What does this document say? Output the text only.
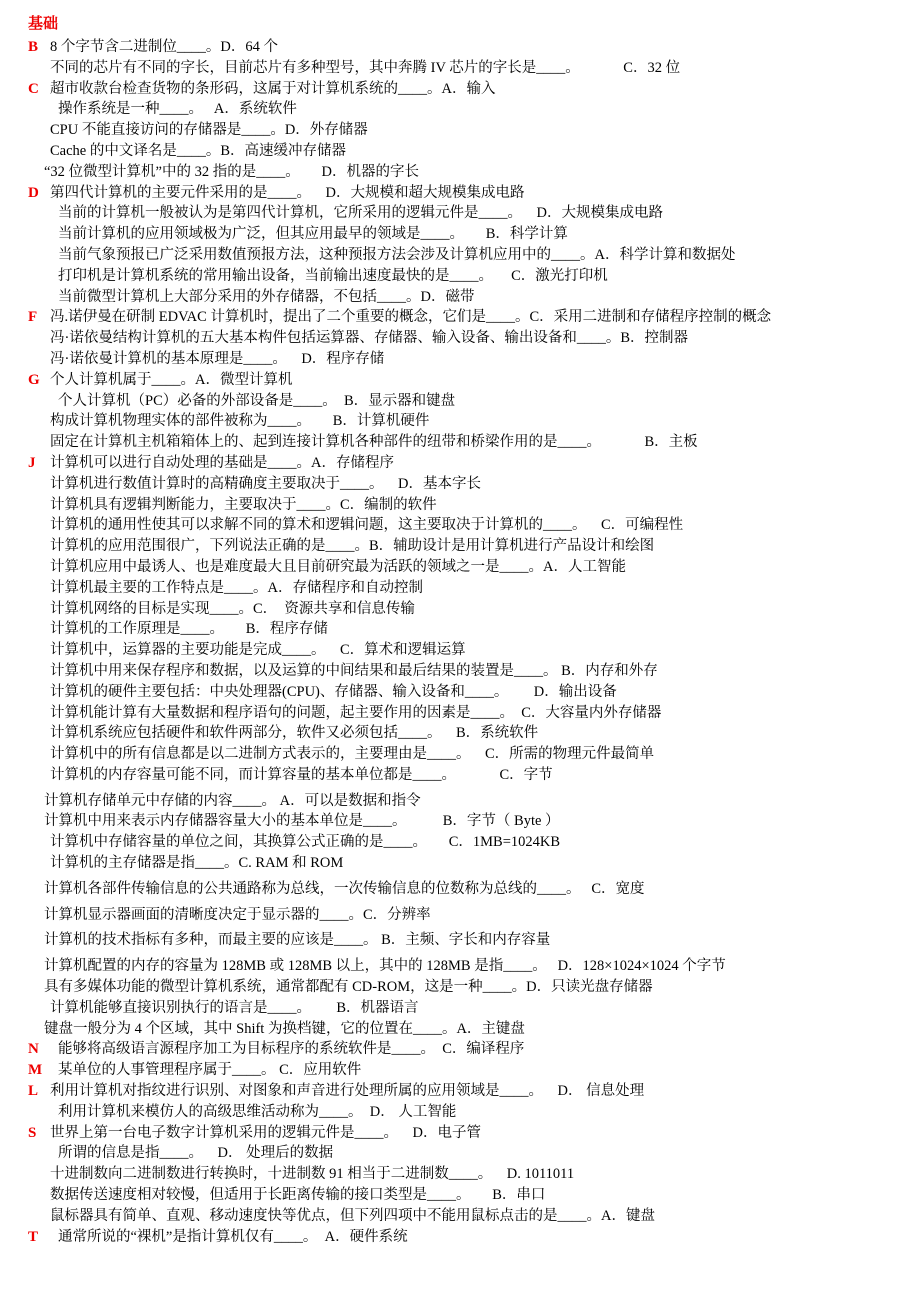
基础
B 8 个字节含二进制位____。D．64 个
不同的芯片有不同的字长，目前芯片有多种型号，其中奔腾 IV 芯片的字长是____。            C．32 位
C 超市收款台检查货物的条形码，这属于对计算机系统的____。A．输入
操作系统是一种____。   A．系统软件
CPU 不能直接访问的存储器是____。D．外存储器
Cache 的中文译名是____。B．高速缓冲存储器
“32 位微型计算机”中的 32 指的是____。      D．机器的字长
D 第四代计算机的主要元件采用的是____。    D．大规模和超大规模集成电路
当前的计算机一般被认为是第四代计算机，它所采用的逻辑元件是____。    D．大规模集成电路
当前计算机的应用领域极为广泛，但其应用最早的领域是____。      B．科学计算
当前气象预报已广泛采用数值预报方法，这种预报方法会涉及计算机应用中的____。A．科学计算和数据处
打印机是计算机系统的常用输出设备，当前输出速度最快的是____。     C．激光打印机
当前微型计算机上大部分采用的外存储器，不包括____。D．磁带
F 冯.诺伊曼在研制 EDVAC 计算机时，提出了二个重要的概念，它们是____。C．采用二进制和存储程序控制的概念
冯·诺依曼结构计算机的五大基本构件包括运算器、存储器、输入设备、输出设备和____。B．控制器
冯·诺依曼计算机的基本原理是____。    D．程序存储
G 个人计算机属于____。A．微型计算机
个人计算机（PC）必备的外部设备是____。  B．显示器和键盘
构成计算机物理实体的部件被称为____。      B．计算机硬件
固定在计算机主机箱箱体上的、起到连接计算机各种部件的纽带和桥梁作用的是____。            B．主板
J 计算机可以进行自动处理的基础是____。A．存储程序
计算机进行数值计算时的高精确度主要取决于____。    D．基本字长
计算机具有逻辑判断能力，主要取决于____。C．编制的软件
计算机的通用性使其可以求解不同的算术和逻辑问题，这主要取决于计算机的____。    C．可编程性
计算机的应用范围很广，下列说法正确的是____。B．辅助设计是用计算机进行产品设计和绘图
计算机应用中最诱人、也是难度最大且目前研究最为活跃的领域之一是____。A．人工智能
计算机最主要的工作特点是____。A．存储程序和自动控制
计算机网络的目标是实现____。C．  资源共享和信息传输
计算机的工作原理是____。      B．程序存储
计算机中，运算器的主要功能是完成____。    C．算术和逻辑运算
计算机中用来保存程序和数据，以及运算的中间结果和最后结果的装置是____。 B．内存和外存
计算机的硬件主要包括：中央处理器(CPU)、存储器、输入设备和____。       D．输出设备
计算机能计算有大量数据和程序语句的问题，起主要作用的因素是____。  C．大容量内外存储器
计算机系统应包括硬件和软件两部分，软件又必须包括____。    B．系统软件
计算机中的所有信息都是以二进制方式表示的，主要理由是____。    C．所需的物理元件最简单
计算机的内存容量可能不同，而计算容量的基本单位都是____。            C．字节
计算机存储单元中存储的内容____。 A．可以是数据和指令
计算机中用来表示内存储器容量大小的基本单位是____。          B．字节（ Byte ）
计算机中存储容量的单位之间，其换算公式正确的是____。      C．1MB=1024KB
计算机的主存储器是指____。C. RAM 和 ROM
计算机各部件传输信息的公共通路称为总线，一次传输信息的位数称为总线的____。   C．宽度
计算机显示器画面的清晰度决定于显示器的____。C．分辨率
计算机的技术指标有多种，而最主要的应该是____。 B．主频、字长和内存容量
计算机配置的内存的容量为 128MB 或 128MB 以上，其中的 128MB 是指____。   D．128×1024×1024 个字节
具有多媒体功能的微型计算机系统，通常都配有 CD-ROM，这是一种____。D．只读光盘存储器
计算机能够直接识别执行的语言是____。       B．机器语言
键盘一般分为 4 个区域，其中 Shift 为换档键，它的位置在____。A．主键盘
N 能够将高级语言源程序加工为目标程序的系统软件是____。  C．编译程序
M 某单位的人事管理程序属于____。 C．应用软件
L 利用计算机对指纹进行识别、对图象和声音进行处理所属的应用领域是____。    D． 信息处理
利用计算机来模仿人的高级思维活动称为____。  D． 人工智能
S 世界上第一台电子数字计算机采用的逻辑元件是____。    D．电子管
所谓的信息是指____。    D． 处理后的数据
十进制数向二进制数进行转换时，十进制数 91 相当于二进制数____。    D. 1011011
数据传送速度相对较慢，但适用于长距离传输的接口类型是____。      B．串口
鼠标器具有简单、直观、移动速度快等优点，但下列四项中不能用鼠标点击的是____。A．键盘
T 通常所说的“裸机”是指计算机仅有____。  A．硬件系统
